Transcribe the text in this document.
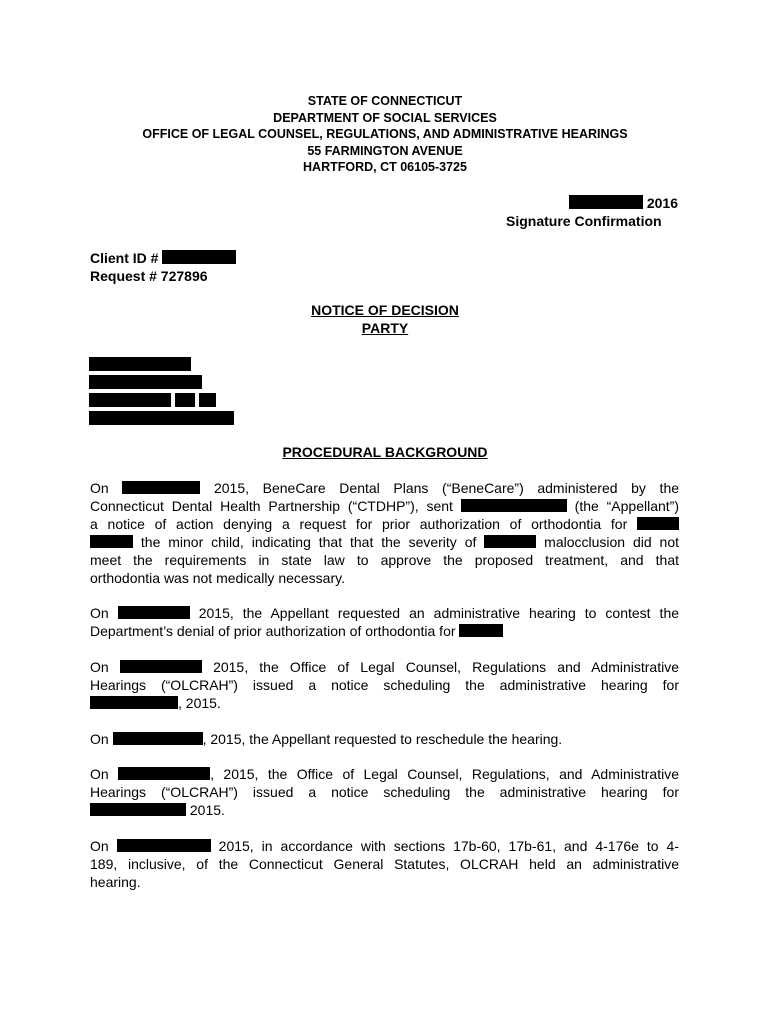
STATE OF CONNECTICUT
DEPARTMENT OF SOCIAL SERVICES
OFFICE OF LEGAL COUNSEL, REGULATIONS, AND ADMINISTRATIVE HEARINGS
55 FARMINGTON AVENUE
HARTFORD, CT 06105-3725
2016
Signature Confirmation
Client ID #
Request # 727896
NOTICE OF DECISION
PARTY
PROCEDURAL BACKGROUND
On	2015, BeneCare Dental Plans (“BeneCare”) administered by the
Connecticut Dental Health Partnership (“CTDHP”), sent	(the “Appellant”)
a notice of action denying a request for prior authorization of orthodontia for
the minor child, indicating that that the severity of	malocclusion did not
meet the requirements in state law to approve the proposed treatment, and that
orthodontia was not medically necessary.
On	2015, the Appellant requested an administrative hearing to contest the
Department’s denial of prior authorization of orthodontia for
On	2015, the Office of Legal Counsel, Regulations and Administrative
Hearings (“OLCRAH”) issued a notice scheduling the administrative hearing for
, 2015.
On	, 2015, the Appellant requested to reschedule the hearing.
On	, 2015, the Office of Legal Counsel, Regulations, and Administrative
Hearings (“OLCRAH”) issued a notice scheduling the administrative hearing for
2015.
On	2015, in accordance with sections 17b-60, 17b-61, and 4-176e to 4-
189, inclusive, of the Connecticut General Statutes, OLCRAH held an administrative
hearing.
